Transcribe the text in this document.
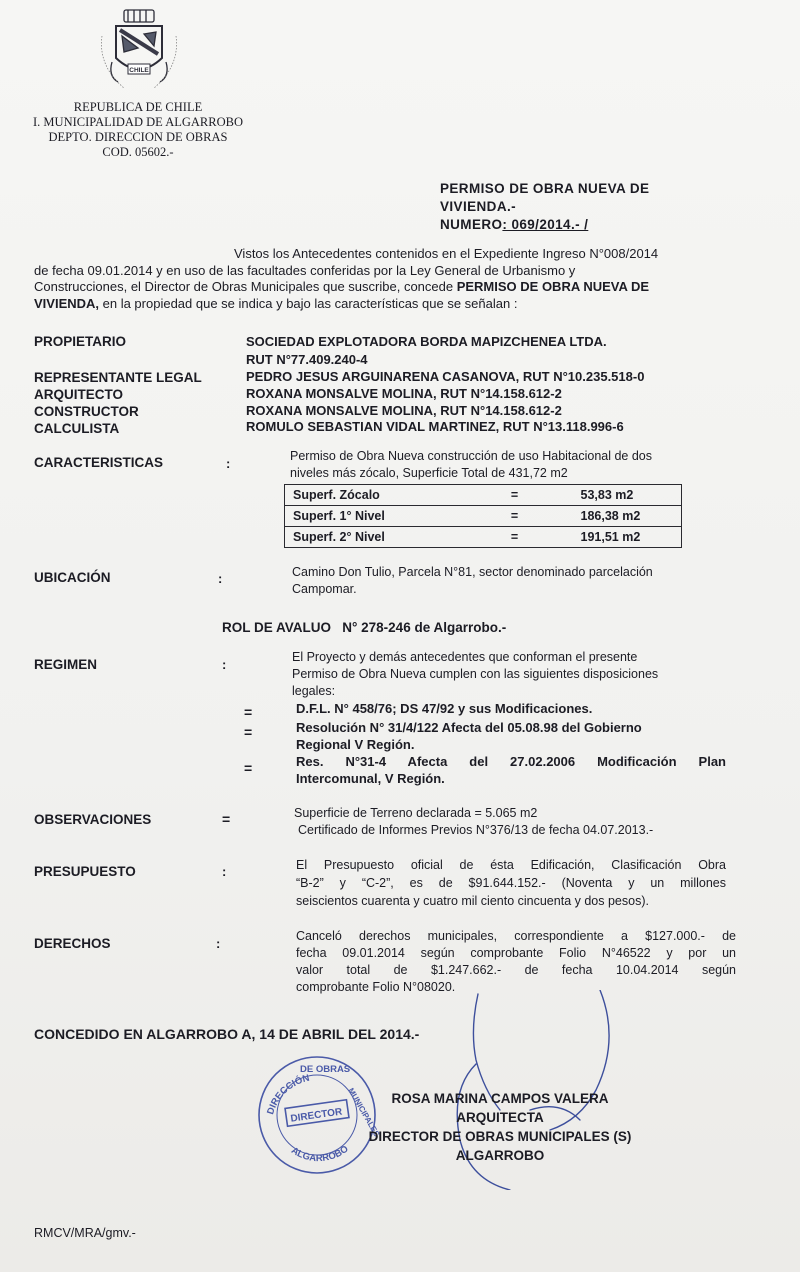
CHILE
REPUBLICA DE CHILE
I. MUNICIPALIDAD DE ALGARROBO
DEPTO. DIRECCION DE OBRAS
COD. 05602.-
PERMISO DE OBRA NUEVA DE
VIVIENDA.-
NUMERO: 069/2014.- /
Vistos los Antecedentes contenidos en el Expediente Ingreso N°008/2014
de fecha 09.01.2014 y en uso de las facultades conferidas por la Ley General de Urbanismo y
Construcciones, el Director de Obras Municipales que suscribe, concede PERMISO DE OBRA NUEVA DE
VIVIENDA, en la propiedad que se indica y bajo las características que se señalan :
PROPIETARIO	SOCIEDAD EXPLOTADORA BORDA MAPIZCHENEA LTDA.
RUT N°77.409.240-4
REPRESENTANTE LEGAL	PEDRO JESUS ARGUINARENA CASANOVA, RUT N°10.235.518-0
ARQUITECTO	ROXANA MONSALVE MOLINA, RUT N°14.158.612-2
CONSTRUCTOR	ROXANA MONSALVE MOLINA, RUT N°14.158.612-2
CALCULISTA	ROMULO SEBASTIAN VIDAL MARTINEZ, RUT N°13.118.996-6
CARACTERISTICAS	:	Permiso de Obra Nueva construcción de uso Habitacional de dos
niveles más zócalo, Superficie Total de 431,72 m2
Superf. Zócalo	=	53,83 m2
Superf. 1° Nivel	=	186,38 m2
Superf. 2° Nivel	=	191,51 m2
UBICACIÓN	:	Camino Don Tulio, Parcela N°81, sector denominado parcelación
Campomar.
ROL DE AVALUO   N° 278-246 de Algarrobo.-
REGIMEN	:	El Proyecto y demás antecedentes que conforman el presente
Permiso de Obra Nueva cumplen con las siguientes disposiciones
legales:
=	D.F.L. N° 458/76; DS 47/92 y sus Modificaciones.
=	Resolución N° 31/4/122 Afecta del 05.08.98 del Gobierno
Regional V Región.
=	Res. N°31-4 Afecta del 27.02.2006 Modificación Plan
Intercomunal, V Región.
OBSERVACIONES	=	Superficie de Terreno declarada = 5.065 m2
Certificado de Informes Previos N°376/13 de fecha 04.07.2013.-
PRESUPUESTO	:	El Presupuesto oficial de ésta Edificación, Clasificación Obra
“B-2” y “C-2”, es de $91.644.152.- (Noventa y un millones
seiscientos cuarenta y cuatro mil ciento cincuenta y dos pesos).
DERECHOS	:	Canceló derechos municipales, correspondiente a $127.000.- de
fecha 09.01.2014 según comprobante Folio N°46522 y por un
valor total de $1.247.662.- de fecha 10.04.2014 según
comprobante Folio N°08020.
CONCEDIDO EN ALGARROBO A, 14 DE ABRIL DEL 2014.-
DIRECCIÓN
DE OBRAS
MUNICIPALES
DIRECTOR
ALGARROBO
ROSA MARINA CAMPOS VALERA
ARQUITECTA
DIRECTOR DE OBRAS MUNICIPALES (S)
ALGARROBO
RMCV/MRA/gmv.-
